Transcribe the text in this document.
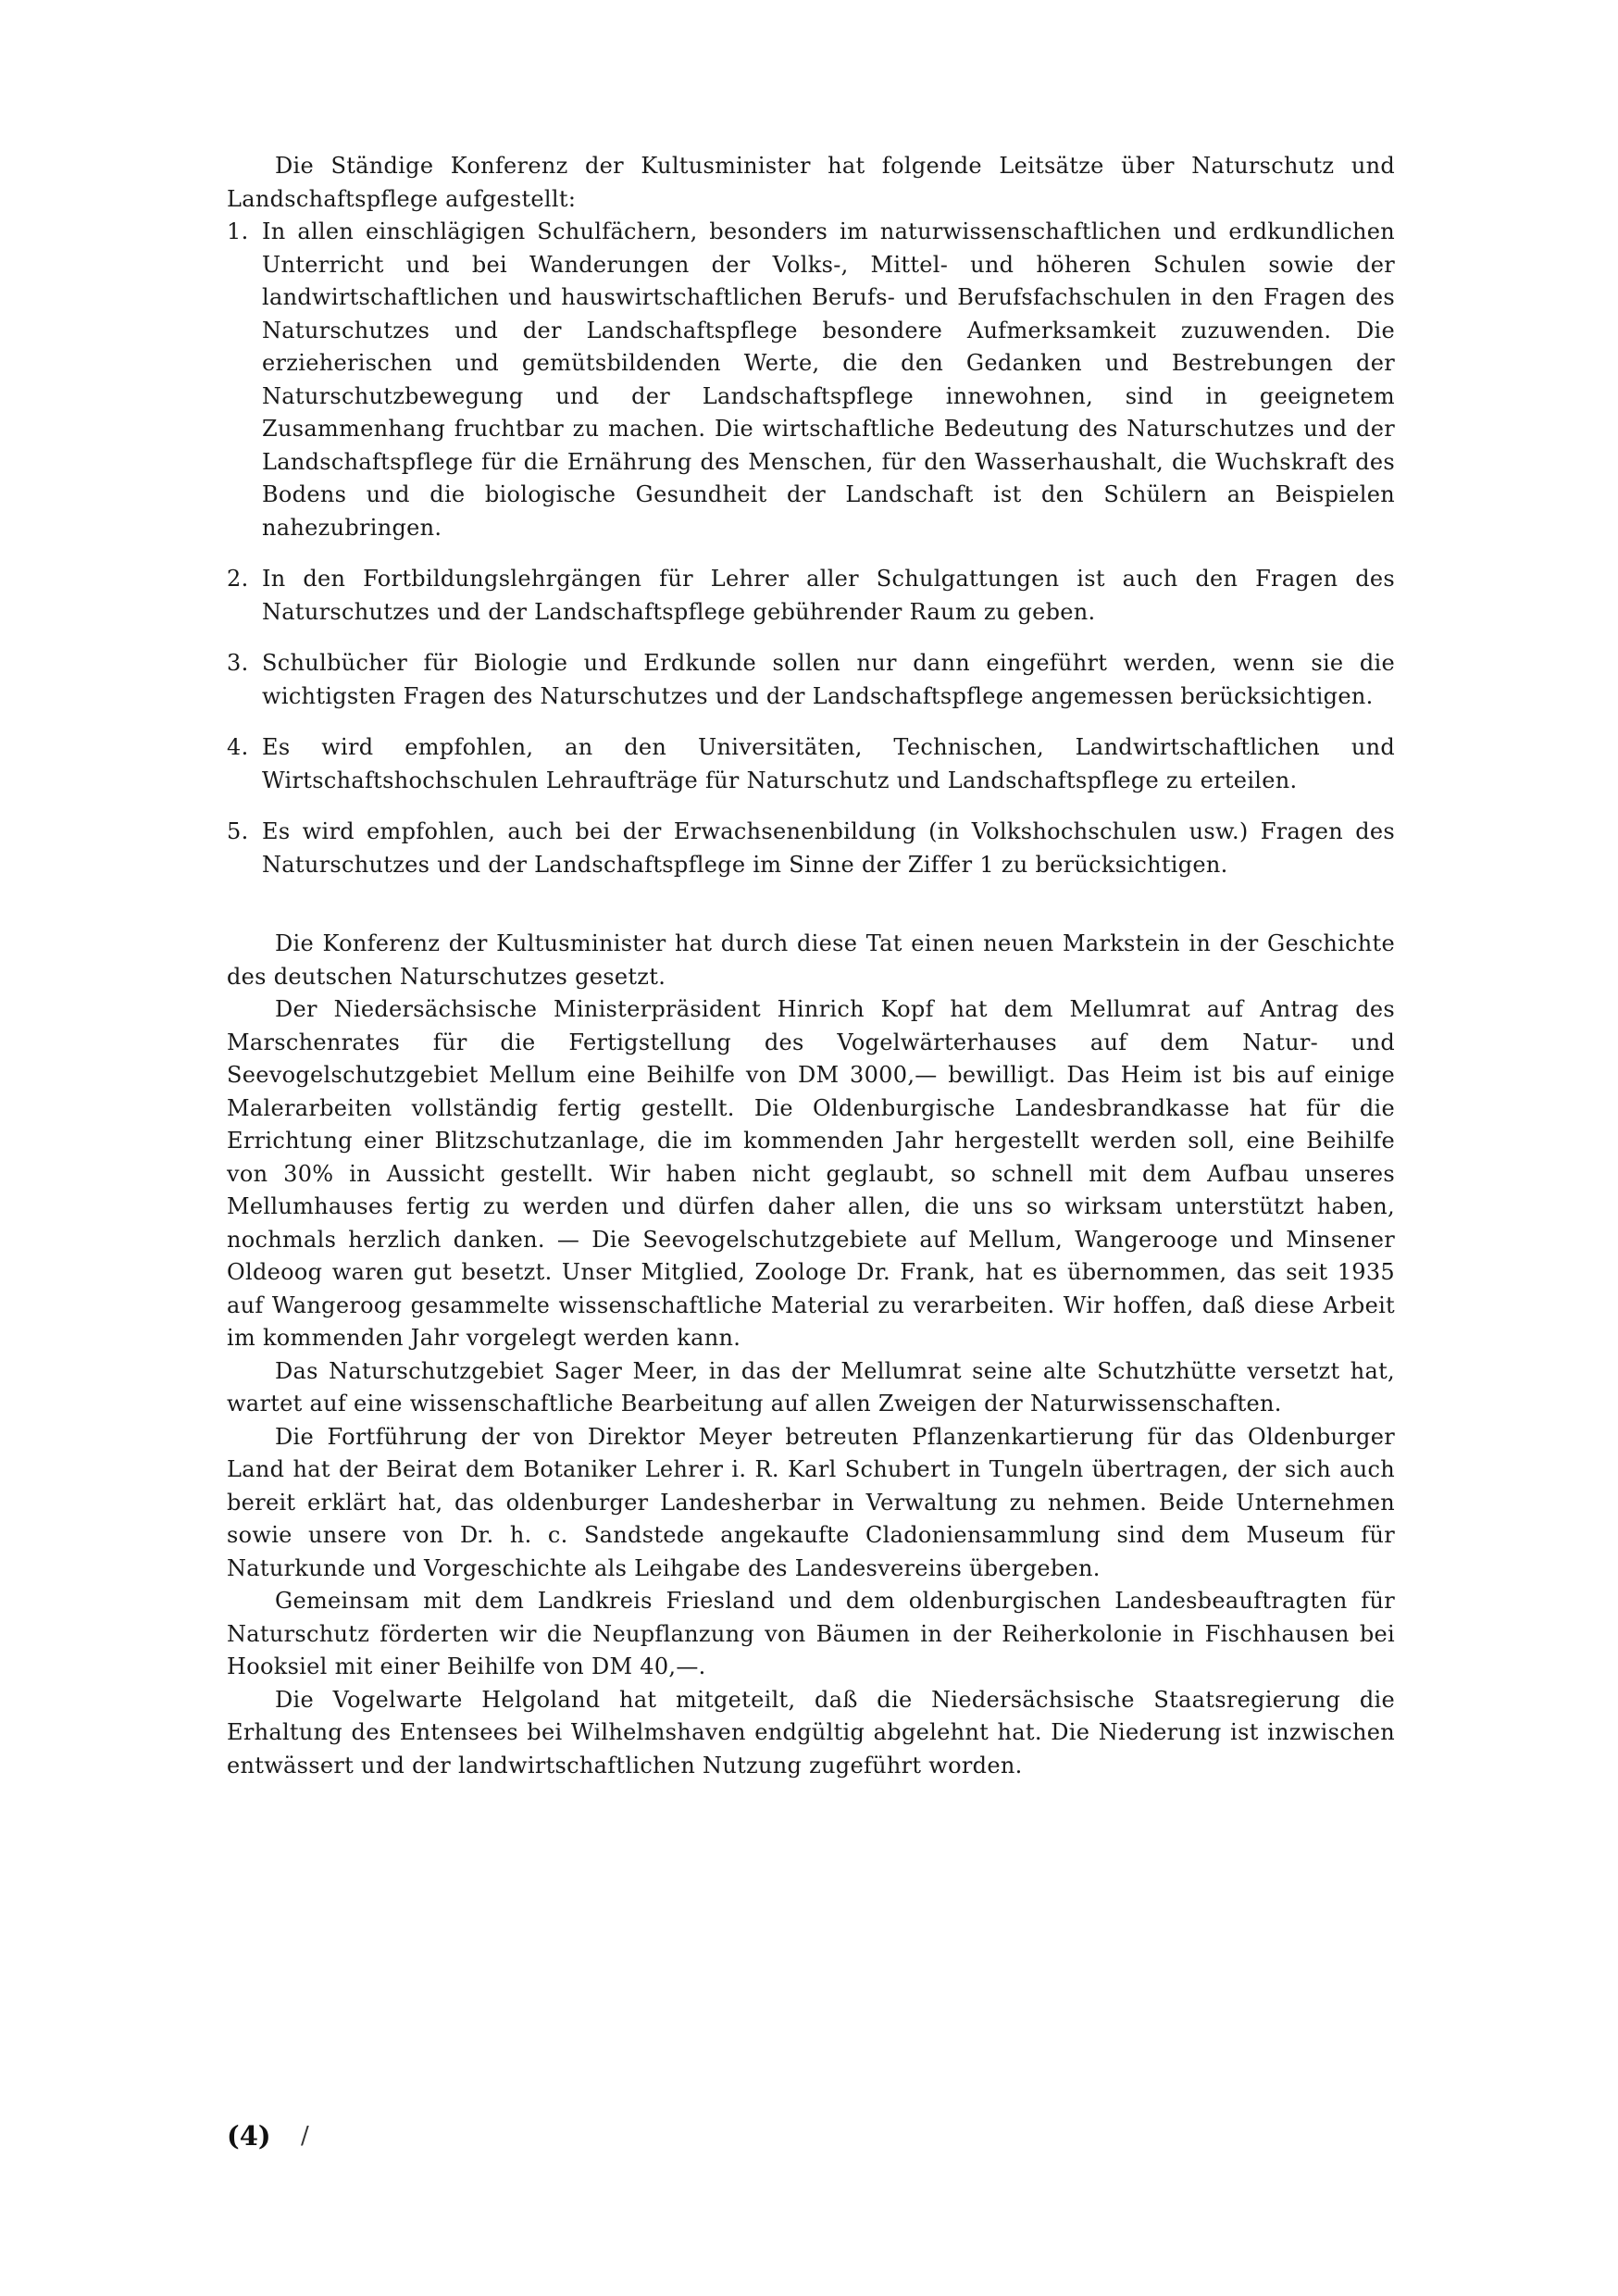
Die Ständige Konferenz der Kultusminister hat folgende Leitsätze über Naturschutz und Landschaftspflege aufgestellt:

1. In allen einschlägigen Schulfächern, besonders im naturwissenschaftlichen und erdkundlichen Unterricht und bei Wanderungen der Volks-, Mittel- und höheren Schulen sowie der landwirtschaftlichen und hauswirtschaftlichen Berufs- und Berufsfachschulen in den Fragen des Naturschutzes und der Landschaftspflege besondere Aufmerksamkeit zuzuwenden. Die erzieherischen und gemütsbildenden Werte, die den Gedanken und Bestrebungen der Naturschutzbewegung und der Landschaftspflege innewohnen, sind in geeignetem Zusammenhang fruchtbar zu machen. Die wirtschaftliche Bedeutung des Naturschutzes und der Landschaftspflege für die Ernährung des Menschen, für den Wasserhaushalt, die Wuchskraft des Bodens und die biologische Gesundheit der Landschaft ist den Schülern an Beispielen nahezubringen.
2. In den Fortbildungslehrgängen für Lehrer aller Schulgattungen ist auch den Fragen des Naturschutzes und der Landschaftspflege gebührender Raum zu geben.
3. Schulbücher für Biologie und Erdkunde sollen nur dann eingeführt werden, wenn sie die wichtigsten Fragen des Naturschutzes und der Landschaftspflege angemessen berücksichtigen.
4. Es wird empfohlen, an den Universitäten, Technischen, Landwirtschaftlichen und Wirtschaftshochschulen Lehraufträge für Naturschutz und Landschaftspflege zu erteilen.
5. Es wird empfohlen, auch bei der Erwachsenenbildung (in Volkshochschulen usw.) Fragen des Naturschutzes und der Landschaftspflege im Sinne der Ziffer 1 zu berücksichtigen.

Die Konferenz der Kultusminister hat durch diese Tat einen neuen Markstein in der Geschichte des deutschen Naturschutzes gesetzt.

Der Niedersächsische Ministerpräsident Hinrich Kopf hat dem Mellumrat auf Antrag des Marschenrates für die Fertigstellung des Vogelwärterhauses auf dem Natur- und Seevogelschutzgebiet Mellum eine Beihilfe von DM 3000,— bewilligt. Das Heim ist bis auf einige Malerarbeiten vollständig fertig gestellt. Die Oldenburgische Landesbrandkasse hat für die Errichtung einer Blitzschutzanlage, die im kommenden Jahr hergestellt werden soll, eine Beihilfe von 30% in Aussicht gestellt. Wir haben nicht geglaubt, so schnell mit dem Aufbau unseres Mellumhauses fertig zu werden und dürfen daher allen, die uns so wirksam unterstützt haben, nochmals herzlich danken. — Die Seevogelschutzgebiete auf Mellum, Wangerooge und Minsener Oldeoog waren gut besetzt. Unser Mitglied, Zoologe Dr. Frank, hat es übernommen, das seit 1935 auf Wangeroog gesammelte wissenschaftliche Material zu verarbeiten. Wir hoffen, daß diese Arbeit im kommenden Jahr vorgelegt werden kann.

Das Naturschutzgebiet Sager Meer, in das der Mellumrat seine alte Schutzhütte versetzt hat, wartet auf eine wissenschaftliche Bearbeitung auf allen Zweigen der Naturwissenschaften.

Die Fortführung der von Direktor Meyer betreuten Pflanzenkartierung für das Oldenburger Land hat der Beirat dem Botaniker Lehrer i. R. Karl Schubert in Tungeln übertragen, der sich auch bereit erklärt hat, das oldenburger Landesherbar in Verwaltung zu nehmen. Beide Unternehmen sowie unsere von Dr. h. c. Sandstede angekaufte Cladoniensammlung sind dem Museum für Naturkunde und Vorgeschichte als Leihgabe des Landesvereins übergeben.

Gemeinsam mit dem Landkreis Friesland und dem oldenburgischen Landesbeauftragten für Naturschutz förderten wir die Neupflanzung von Bäumen in der Reiherkolonie in Fischhausen bei Hooksiel mit einer Beihilfe von DM 40,—.

Die Vogelwarte Helgoland hat mitgeteilt, daß die Niedersächsische Staatsregierung die Erhaltung des Entensees bei Wilhelmshaven endgültig abgelehnt hat. Die Niederung ist inzwischen entwässert und der landwirtschaftlichen Nutzung zugeführt worden.

(4) /
